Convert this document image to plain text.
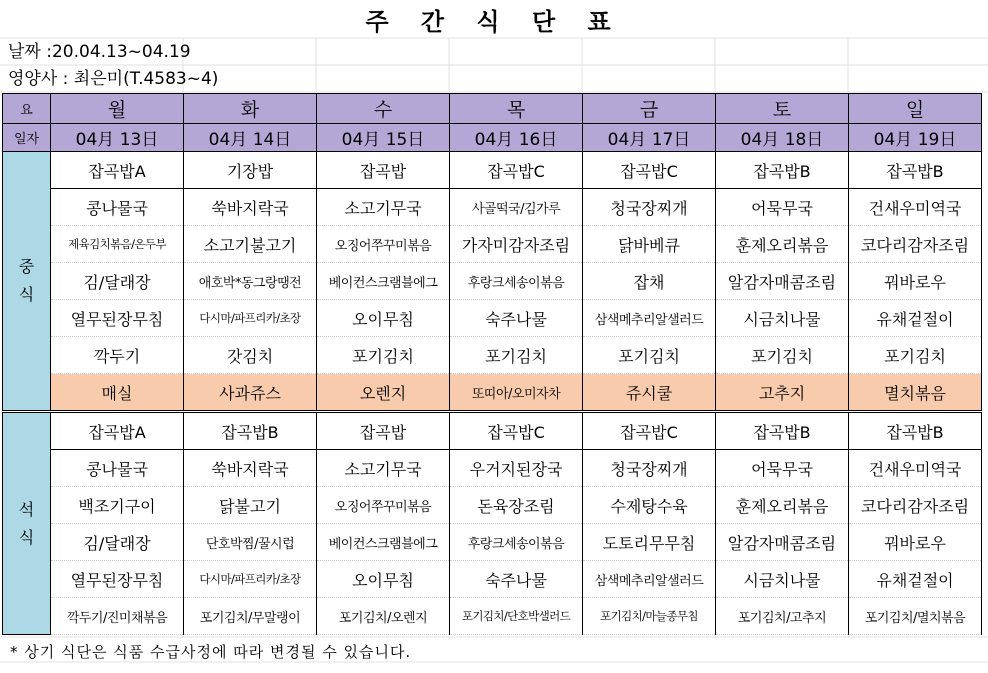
주 간 식 단 표
날짜 :20.04.13~04.19
영양사 : 최은미(T.4583~4)
요	월	화	수	목	금	토	일
일자	04月 13日	04月 14日	04月 15日	04月 16日	04月 17日	04月 18日	04月 19日
중
식	잡곡밥A	기장밥	잡곡밥	잡곡밥C	잡곡밥C	잡곡밥B	잡곡밥B
	콩나물국	쑥바지락국	소고기무국	사골떡국/김가루	청국장찌개	어묵무국	건새우미역국
	제육김치볶음/온두부	소고기불고기	오징어쭈꾸미볶음	가자미감자조림	닭바베큐	훈제오리볶음	코다리감자조림
	김/달래장	애호박*동그랑땡전	베이컨스크램블에그	후랑크세송이볶음	잡채	알감자매콤조림	꿔바로우
	열무된장무침	다시마/파프리카/초장	오이무침	숙주나물	삼색메추리알샐러드	시금치나물	유채겉절이
	깍두기	갓김치	포기김치	포기김치	포기김치	포기김치	포기김치
	매실	사과쥬스	오렌지	또띠아/오미자차	쥬시쿨	고추지	멸치볶음
석
식	잡곡밥A	잡곡밥B	잡곡밥	잡곡밥C	잡곡밥C	잡곡밥B	잡곡밥B
	콩나물국	쑥바지락국	소고기무국	우거지된장국	청국장찌개	어묵무국	건새우미역국
	백조기구이	닭불고기	오징어쭈꾸미볶음	돈육장조림	수제탕수육	훈제오리볶음	코다리감자조림
	김/달래장	단호박찜/꿀시럽	베이컨스크램블에그	후랑크세송이볶음	도토리무무침	알감자매콤조림	꿔바로우
	열무된장무침	다시마/파프리카/초장	오이무침	숙주나물	삼색메추리알샐러드	시금치나물	유채겉절이
	깍두기/진미채볶음	포기김치/무말랭이	포기김치/오렌지	포기김치/단호박샐러드	포기김치/마늘종무침	포기김치/고추지	포기김치/멸치볶음
* 상기 식단은 식품 수급사정에 따라 변경될 수 있습니다.
